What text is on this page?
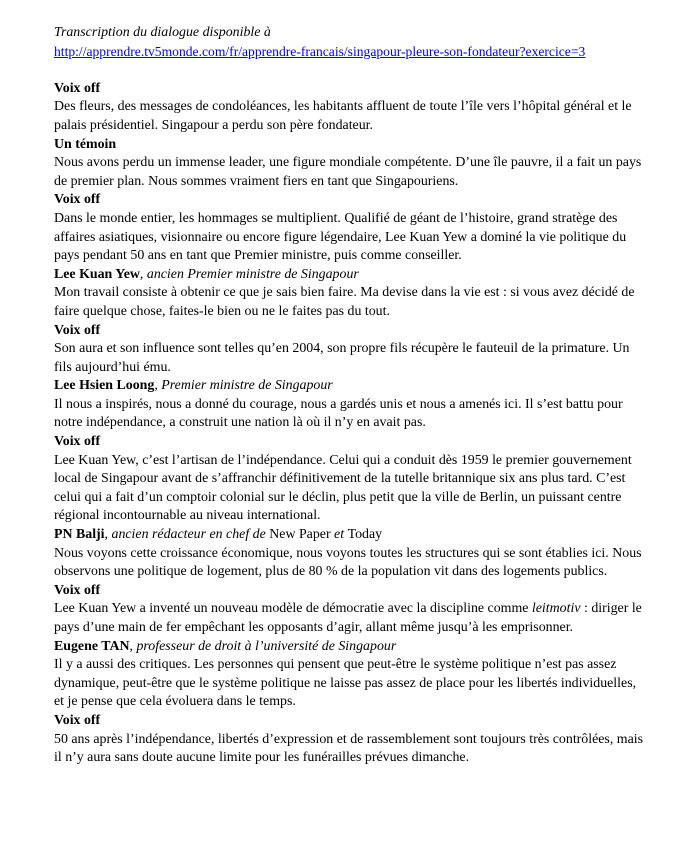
Transcription du dialogue disponible à

http://apprendre.tv5monde.com/fr/apprendre-francais/singapour-pleure-son-fondateur?exercice=3

Voix off

Des fleurs, des messages de condoléances, les habitants affluent de toute l’île vers l’hôpital général et le palais présidentiel. Singapour a perdu son père fondateur.

Un témoin

Nous avons perdu un immense leader, une figure mondiale compétente. D’une île pauvre, il a fait un pays de premier plan. Nous sommes vraiment fiers en tant que Singapouriens.

Voix off

Dans le monde entier, les hommages se multiplient. Qualifié de géant de l’histoire, grand stratège des affaires asiatiques, visionnaire ou encore figure légendaire, Lee Kuan Yew a dominé la vie politique du pays pendant 50 ans en tant que Premier ministre, puis comme conseiller.

Lee Kuan Yew, ancien Premier ministre de Singapour

Mon travail consiste à obtenir ce que je sais bien faire. Ma devise dans la vie est : si vous avez décidé de faire quelque chose, faites-le bien ou ne le faites pas du tout.

Voix off

Son aura et son influence sont telles qu’en 2004, son propre fils récupère le fauteuil de la primature. Un fils aujourd’hui ému.

Lee Hsien Loong, Premier ministre de Singapour

Il nous a inspirés, nous a donné du courage, nous a gardés unis et nous a amenés ici. Il s’est battu pour notre indépendance, a construit une nation là où il n’y en avait pas.

Voix off

Lee Kuan Yew, c’est l’artisan de l’indépendance. Celui qui a conduit dès 1959 le premier gouvernement local de Singapour avant de s’affranchir définitivement de la tutelle britannique six ans plus tard. C’est celui qui a fait d’un comptoir colonial sur le déclin, plus petit que la ville de Berlin, un puissant centre régional incontournable au niveau international.

PN Balji, ancien rédacteur en chef de New Paper et Today

Nous voyons cette croissance économique, nous voyons toutes les structures qui se sont établies ici. Nous observons une politique de logement, plus de 80 % de la population vit dans des logements publics.

Voix off

Lee Kuan Yew a inventé un nouveau modèle de démocratie avec la discipline comme leitmotiv : diriger le pays d’une main de fer empêchant les opposants d’agir, allant même jusqu’à les emprisonner.

Eugene TAN, professeur de droit à l’université de Singapour

Il y a aussi des critiques. Les personnes qui pensent que peut-être le système politique n’est pas assez dynamique, peut-être que le système politique ne laisse pas assez de place pour les libertés individuelles, et je pense que cela évoluera dans le temps.

Voix off

50 ans après l’indépendance, libertés d’expression et de rassemblement sont toujours très contrôlées, mais il n’y aura sans doute aucune limite pour les funérailles prévues dimanche.
